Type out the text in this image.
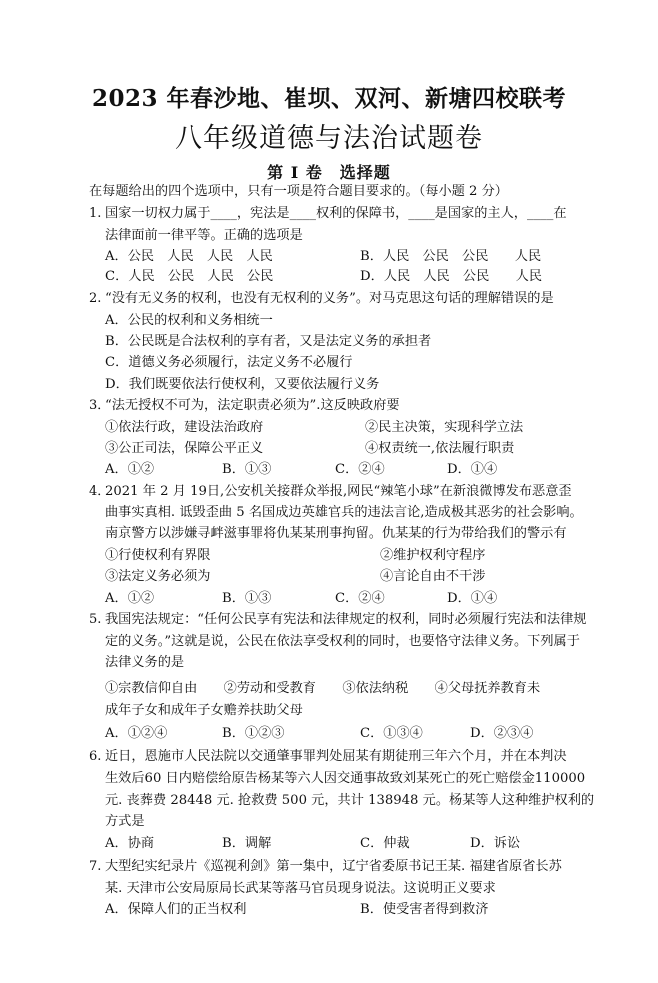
2023 年春沙地、崔坝、双河、新塘四校联考
八年级道德与法治试题卷
第 Ⅰ 卷　选择题
在每题给出的四个选项中，只有一项是符合题目要求的。（每小题 2 分）
1. 国家一切权力属于____，宪法是____权利的保障书，____是国家的主人，____在
法律面前一律平等。正确的选项是
A．公民　人民　人民　人民	B．人民　公民　公民　　人民
C．人民　公民　人民　公民	D．人民　人民　公民　　人民
2. “没有无义务的权利，也没有无权利的义务”。对马克思这句话的理解错误的是
A．公民的权利和义务相统一
B．公民既是合法权利的享有者，又是法定义务的承担者
C．道德义务必须履行，法定义务不必履行
D．我们既要依法行使权利，又要依法履行义务
3．
“法无授权不可为，法定职责必须为”.这反映政府要
①依法行政，建设法治政府	②民主决策，实现科学立法
③公正司法，保障公平正义	④权责统一,依法履行职责
A．①②	B．①③	C．②④	D．①④
4．
2021 年 2 月 19日,公安机关接群众举报,网民“辣笔小球”在新浪微博发布恶意歪
曲事实真相. 诋毁歪曲 5 名国成边英雄官兵的违法言论,造成极其恶劣的社会影响。
南京警方以涉嫌寻衅滋事罪将仇某某刑事拘留。仇某某的行为带给我们的警示有
①行使权利有界限	②维护权利守程序
③法定义务必须为	④言论自由不干涉
A．①②	B．①③	C．②④	D．①④
5. 我国宪法规定：“任何公民享有宪法和法律规定的权利，同时必须履行宪法和法律规
定的义务。”这就是说，公民在依法享受权利的同时，也要恪守法律义务。下列属于
法律义务的是
①宗教信仰自由　　②劳动和受教育　　③依法纳税　　④父母抚养教育未
成年子女和成年子女赡养扶助父母
A．①②④	B．①②③	C．①③④	D．②③④
6. 近日，恩施市人民法院以交通肇事罪判处屈某有期徒刑三年六个月，并在本判决
生效后60 日内赔偿给原告杨某等六人因交通事故致刘某死亡的死亡赔偿金110000
元. 丧葬费 28448 元. 抢救费 500 元，共计 138948 元。杨某等人这种维护权利的
方式是
A．协商	B．调解	C．仲裁	D．诉讼
7. 大型纪实纪录片《巡视利剑》第一集中，辽宁省委原书记王某. 福建省原省长苏
某. 天津市公安局原局长武某等落马官员现身说法。这说明正义要求
A．保障人们的正当权利	B．使受害者得到救济
